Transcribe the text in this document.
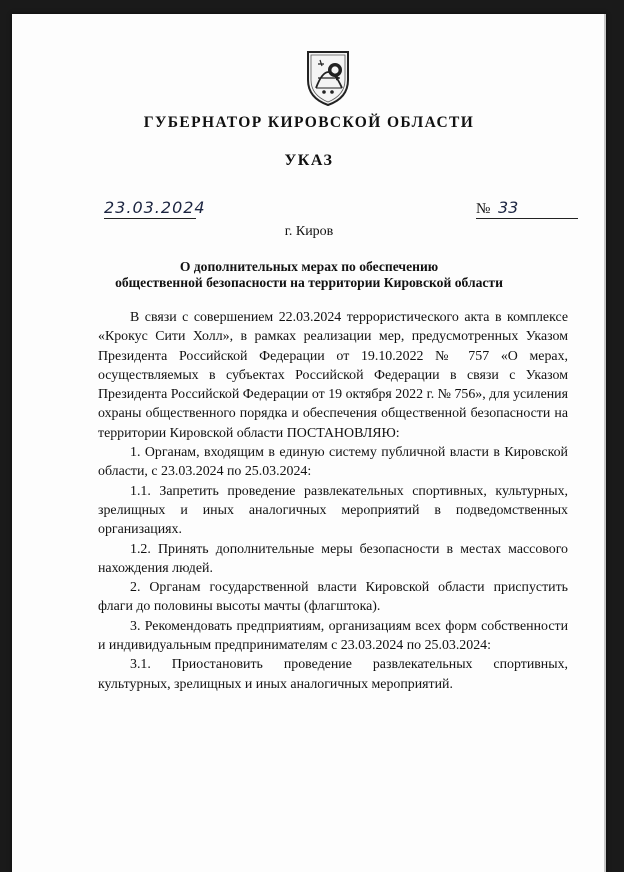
ГУБЕРНАТОР КИРОВСКОЙ ОБЛАСТИ
УКАЗ
23.03.2024	№ 33
г. Киров
О дополнительных мерах по обеспечению
общественной безопасности на территории Кировской области

В связи с совершением 22.03.2024 террористического акта в комплексе «Крокус Сити Холл», в рамках реализации мер, предусмотренных Указом Президента Российской Федерации от 19.10.2022 № 757 «О мерах, осуществляемых в субъектах Российской Федерации в связи с Указом Президента Российской Федерации от 19 октября 2022 г. № 756», для усиления охраны общественного порядка и обеспечения общественной безопасности на территории Кировской области ПОСТАНОВЛЯЮ:

1. Органам, входящим в единую систему публичной власти в Кировской области, с 23.03.2024 по 25.03.2024:

1.1. Запретить проведение развлекательных спортивных, культурных, зрелищных и иных аналогичных мероприятий в подведомственных организациях.

1.2. Принять дополнительные меры безопасности в местах массового нахождения людей.

2. Органам государственной власти Кировской области приспустить флаги до половины высоты мачты (флагштока).

3. Рекомендовать предприятиям, организациям всех форм собственности и индивидуальным предпринимателям с 23.03.2024 по 25.03.2024:

3.1. Приостановить проведение развлекательных спортивных, культурных, зрелищных и иных аналогичных мероприятий.
